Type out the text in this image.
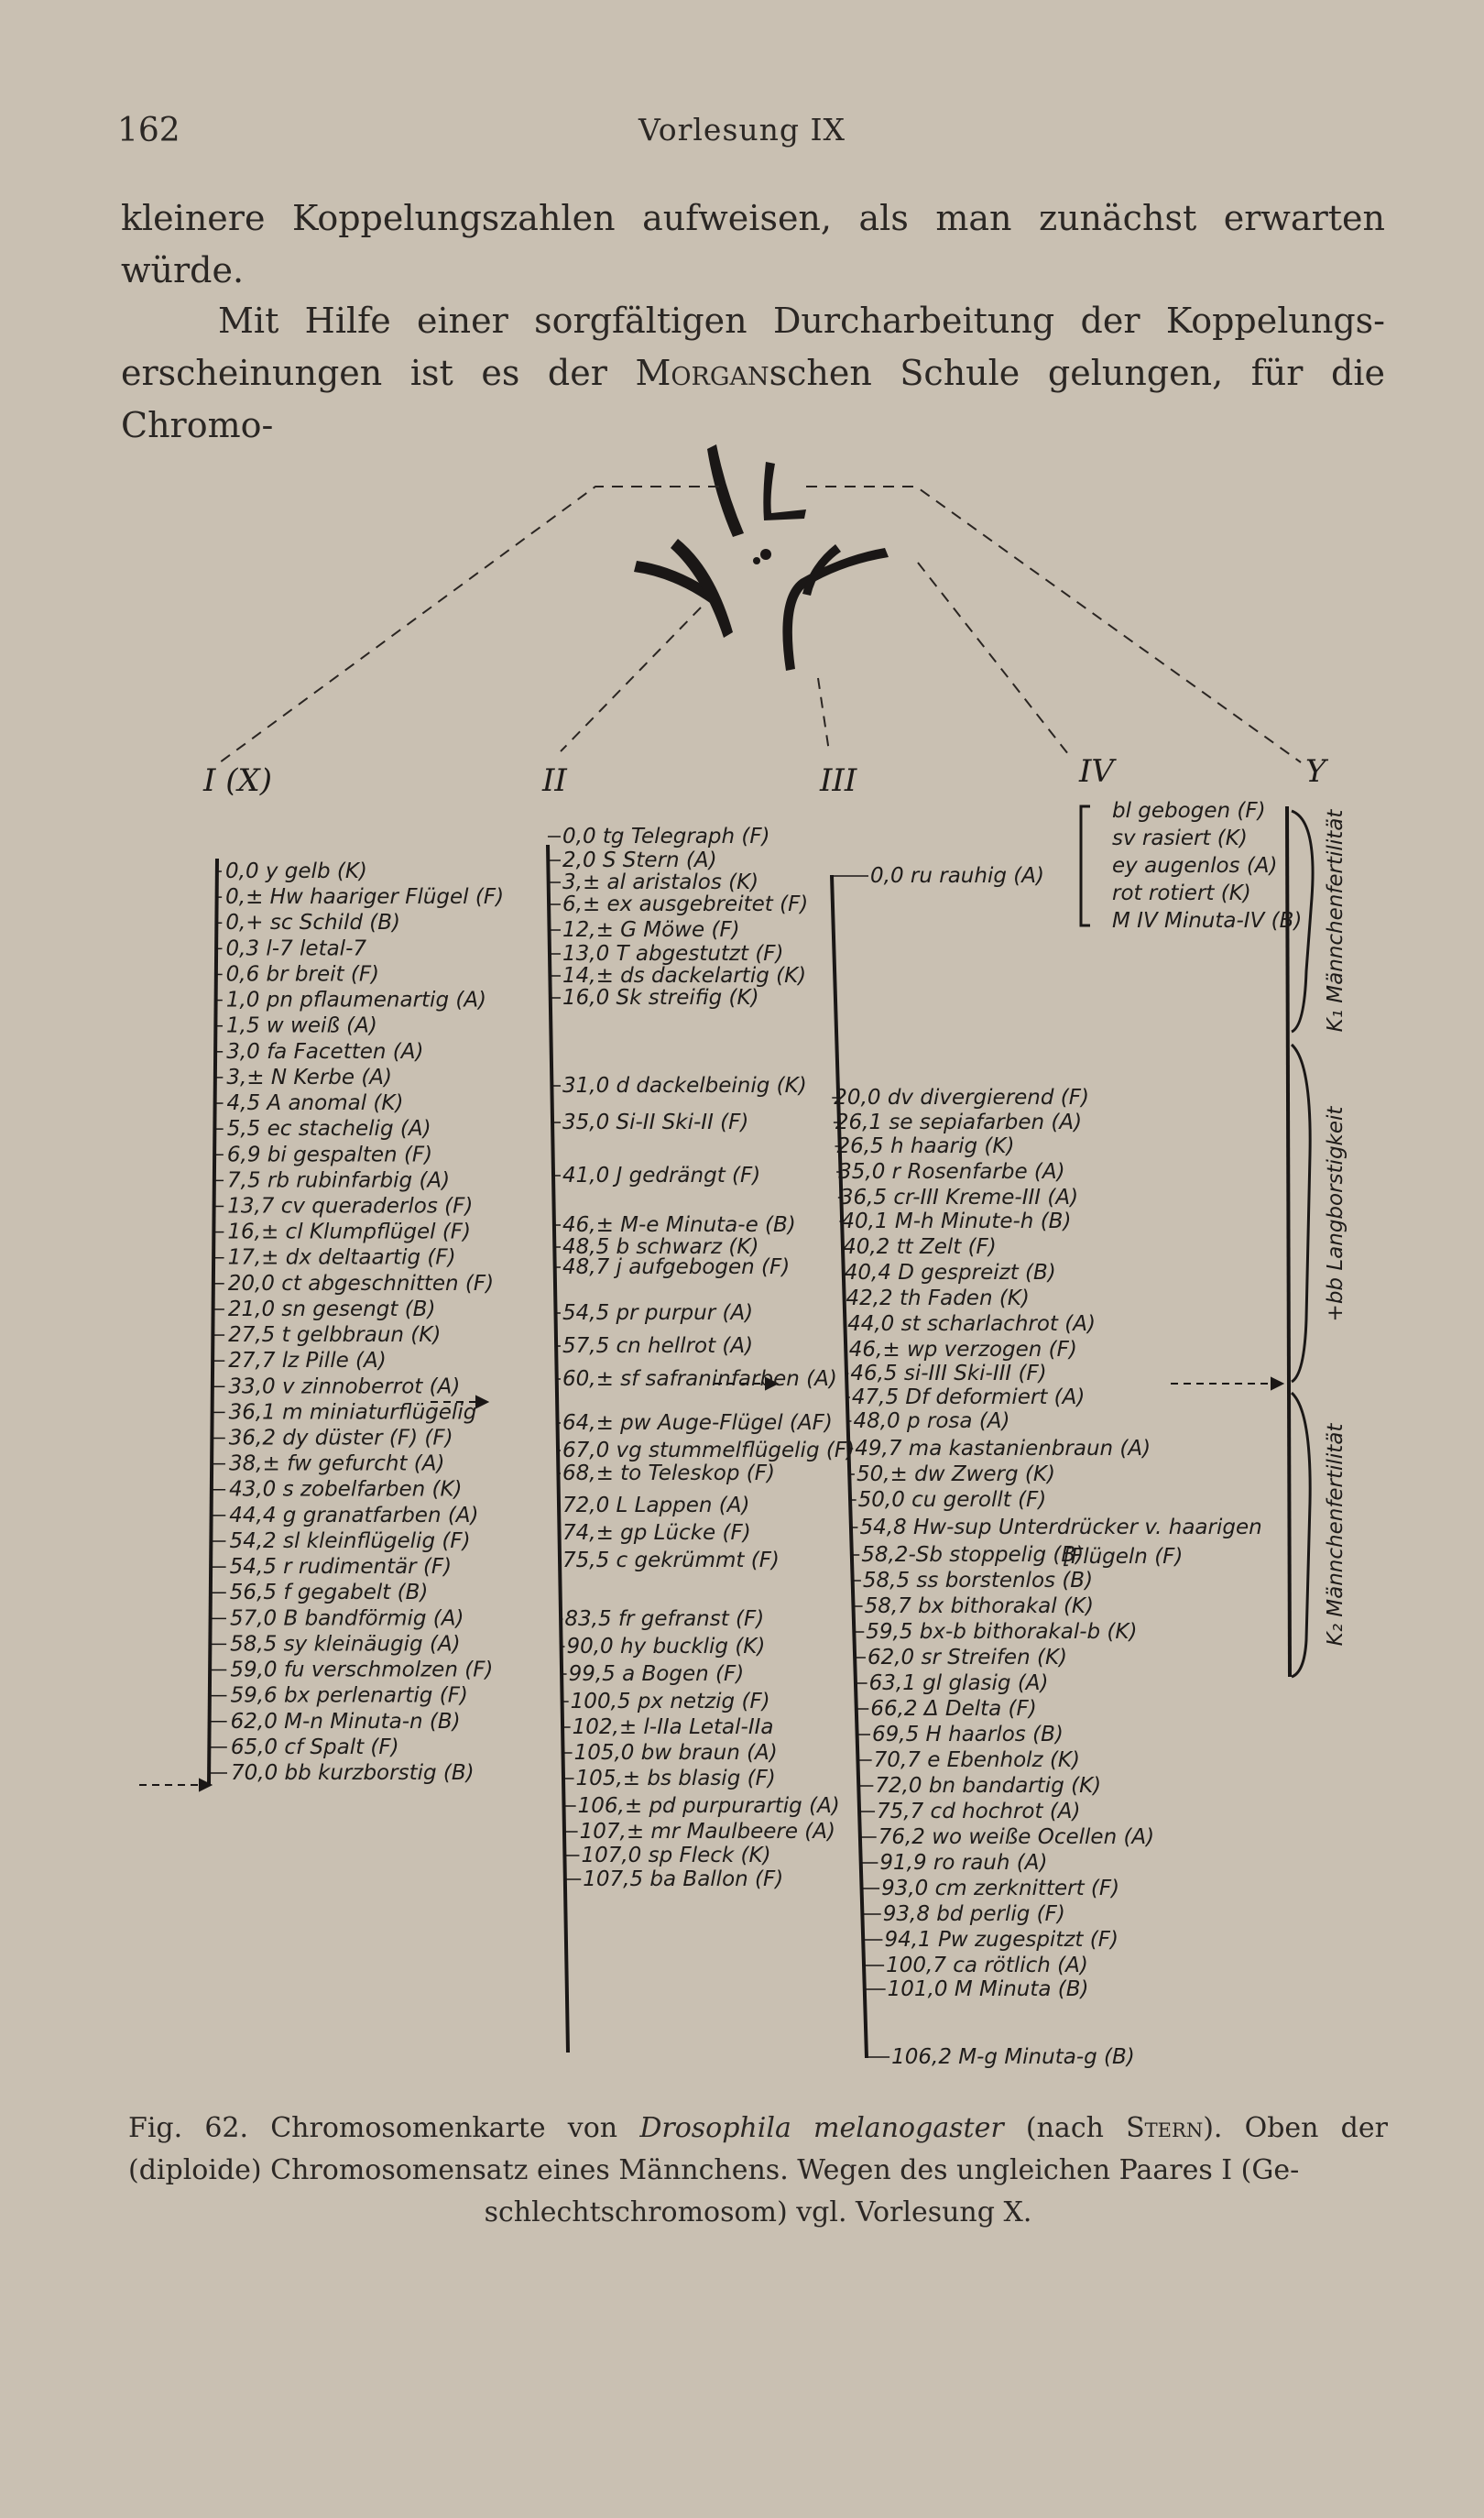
162	Vorlesung IX
kleinere Koppelungszahlen aufweisen, als man zunächst erwarten
würde.
Mit Hilfe einer sorgfältigen Durcharbeitung der Koppelungs-
erscheinungen ist es der Morganschen Schule gelungen, für die Chromo-
I (X)	II	III	IV	Y
0,0 y gelb (K)
0,± Hw haariger Flügel (F)
0,+ sc Schild (B)
0,3 l-7 letal-7
0,6 br breit (F)
1,0 pn pflaumenartig (A)
1,5 w weiß (A)
3,0 fa Facetten (A)
3,± N Kerbe (A)
4,5 A anomal (K)
5,5 ec stachelig (A)
6,9 bi gespalten (F)
7,5 rb rubinfarbig (A)
13,7 cv queraderlos (F)
16,± cl Klumpflügel (F)
17,± dx deltaartig (F)
20,0 ct abgeschnitten (F)
21,0 sn gesengt (B)
27,5 t gelbbraun (K)
27,7 lz Pille (A)
33,0 v zinnoberrot (A)
36,1 m miniaturflügelig
36,2 dy düster (F) (F)
38,± fw gefurcht (A)
43,0 s zobelfarben (K)
44,4 g granatfarben (A)
54,2 sl kleinflügelig (F)
54,5 r rudimentär (F)
56,5 f gegabelt (B)
57,0 B bandförmig (A)
58,5 sy kleinäugig (A)
59,0 fu verschmolzen (F)
59,6 bx perlenartig (F)
62,0 M-n Minuta-n (B)
65,0 cf Spalt (F)
70,0 bb kurzborstig (B)
0,0 tg Telegraph (F)
2,0 S Stern (A)
3,± al aristalos (K)
6,± ex ausgebreitet (F)
12,± G Möwe (F)
13,0 T abgestutzt (F)
14,± ds dackelartig (K)
16,0 Sk streifig (K)
31,0 d dackelbeinig (K)
35,0 Si-II Ski-II (F)
41,0 J gedrängt (F)
46,± M-e Minuta-e (B)
48,5 b schwarz (K)
48,7 j aufgebogen (F)
54,5 pr purpur (A)
57,5 cn hellrot (A)
60,± sf safraninfarben (A)
64,± pw Auge-Flügel (AF)
67,0 vg stummelflügelig (F)
68,± to Teleskop (F)
72,0 L Lappen (A)
74,± gp Lücke (F)
75,5 c gekrümmt (F)
83,5 fr gefranst (F)
90,0 hy bucklig (K)
99,5 a Bogen (F)
100,5 px netzig (F)
102,± l-IIa Letal-IIa
105,0 bw braun (A)
105,± bs blasig (F)
106,± pd purpurartig (A)
107,± mr Maulbeere (A)
107,0 sp Fleck (K)
107,5 ba Ballon (F)
0,0 ru rauhig (A)
20,0 dv divergierend (F)
26,1 se sepiafarben (A)
26,5 h haarig (K)
35,0 r Rosenfarbe (A)
36,5 cr-III Kreme-III (A)
40,1 M-h Minute-h (B)
40,2 tt Zelt (F)
40,4 D gespreizt (B)
42,2 th Faden (K)
44,0 st scharlachrot (A)
46,± wp verzogen (F)
46,5 si-III Ski-III (F)
47,5 Df deformiert (A)
48,0 p rosa (A)
49,7 ma kastanienbraun (A)
50,± dw Zwerg (K)
50,0 cu gerollt (F)
54,8 Hw-sup Unterdrücker v. haarigen
[Flügeln (F)
58,2-Sb stoppelig (B)
58,5 ss borstenlos (B)
58,7 bx bithorakal (K)
59,5 bx-b bithorakal-b (K)
62,0 sr Streifen (K)
63,1 gl glasig (A)
66,2 Δ Delta (F)
69,5 H haarlos (B)
70,7 e Ebenholz (K)
72,0 bn bandartig (K)
75,7 cd hochrot (A)
76,2 wo weiße Ocellen (A)
91,9 ro rauh (A)
93,0 cm zerknittert (F)
93,8 bd perlig (F)
94,1 Pw zugespitzt (F)
100,7 ca rötlich (A)
101,0 M Minuta (B)
106,2 M-g Minuta-g (B)
bl gebogen (F)
sv rasiert (K)
ey augenlos (A)
rot rotiert (K)
M IV Minuta-IV (B) K₁ Männchenfertilität
+bb Langborstigkeit
K₂ Männchenfertilität
Fig. 62. Chromosomenkarte von Drosophila melanogaster (nach Stern). Oben der (diploide) Chromosomensatz eines Männchens. Wegen des ungleichen Paares I (Ge-
schlechtschromosom) vgl. Vorlesung X.
